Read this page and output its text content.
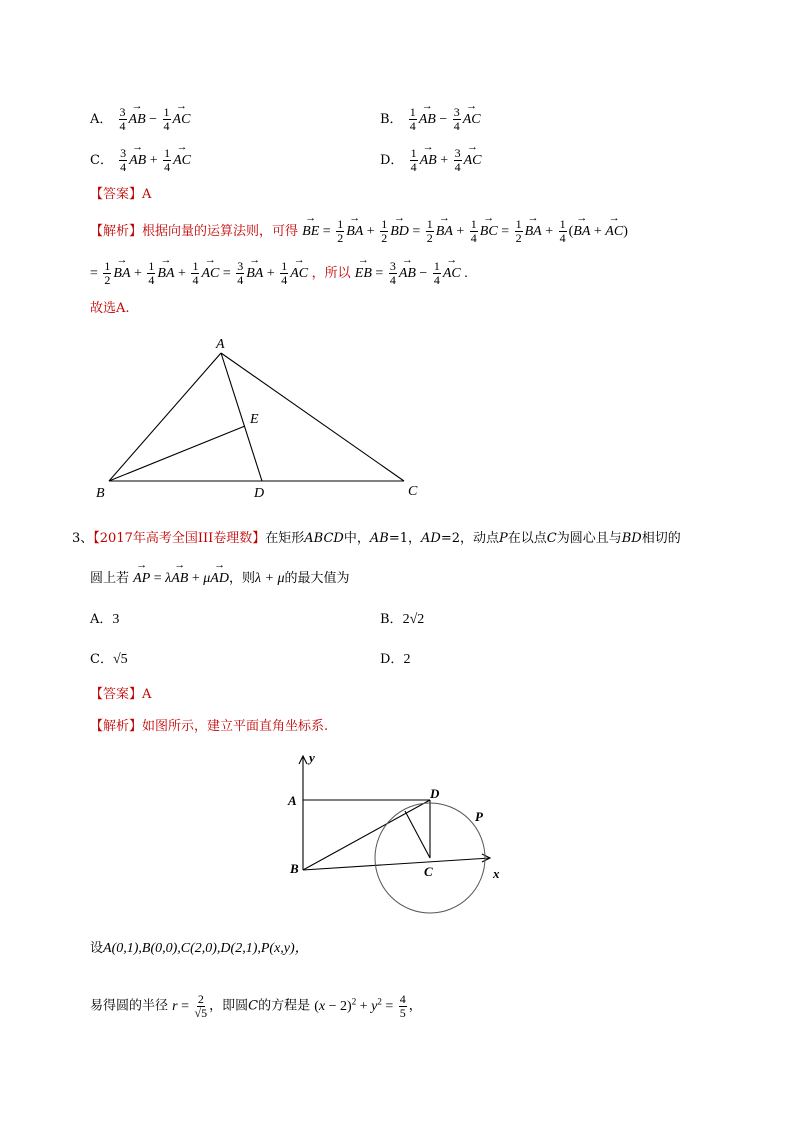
A． $\frac{3}{4}$ → AB − $\frac{1}{4}$ → AC	B． $\frac{1}{4}$ → AB − $\frac{3}{4}$ → AC
C． $\frac{3}{4}$ → AB + $\frac{1}{4}$ → AC	D． $\frac{1}{4}$ → AB + $\frac{3}{4}$ → AC
【答案】A
【解析】根据向量的运算法则，可得 → BE = $\frac{1}{2}$ → BA + $\frac{1}{2}$ → BD = $\frac{1}{2}$ → BA + $\frac{1}{4}$ → BC = $\frac{1}{2}$ → BA + $\frac{1}{4}$ (→ BA + → AC)
= $\frac{1}{2}$ → BA + $\frac{1}{4}$ → BA + $\frac{1}{4}$ → AC = $\frac{3}{4}$ → BA + $\frac{1}{4}$ → AC ，所以 → EB = $\frac{3}{4}$ → AB − $\frac{1}{4}$ → AC .
故选A.
A
B	C
D
E
3、【2017年高考全国III卷理数】在矩形ABCD中，AB=1，AD=2，动点P在以点C为圆心且与BD相切的
圆上若 → AP = λ→ AB + μ→ AD，则λ + μ的最大值为
A．3	B．2√2
C．√5	D．2
【答案】A
【解析】如图所示，建立平面直角坐标系.
y
A	D
P
B	C	x
设A(0,1),B(0,0),C(2,0),D(2,1),P(x,y)，
易得圆的半径 $r = \frac{2}{√5}$ ，即圆C的方程是 $(x - 2)^2 + y^2 = \frac{4}{5}$ ，
